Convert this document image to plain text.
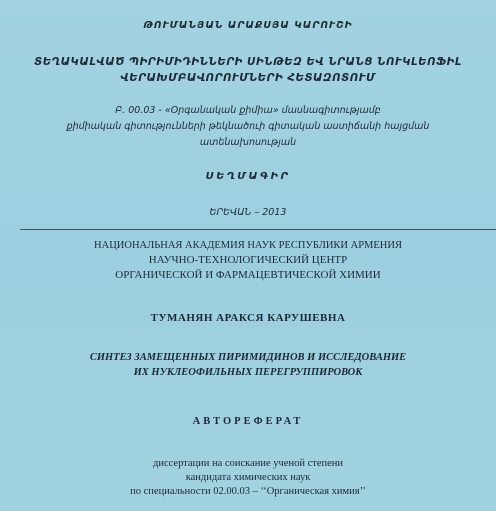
ԹՈՒՄԱՆՅԱՆ ԱՐԱՔՍՅԱ ԿԱՐՈՒՇԻ

ՏԵՂԱԿԱԼՎԱԾ ՊԻՐԻՄԻԴԻՆՆԵՐԻ ՍԻՆԹԵԶ ԵՎ ՆՐԱՆՑ ՆՈՒԿԼԵՈՖԻԼ

ՎԵՐԱԽՄԲԱՎՈՐՈՒՄՆԵՐԻ ՀԵՏԱԶՈՏՈՒՄ

Բ. 00.03 - «Օրգանական քիմիա» մասնագիտությամբ

քիմիական գիտությունների թեկնածուի գիտական աստիճանի հայցման

ատենախոսության

ՍԵՂՄԱԳԻՐ

ԵՐԵՎԱՆ – 2013

НАЦИОНАЛЬНАЯ АКАДЕМИЯ НАУК РЕСПУБЛИКИ АРМЕНИЯ

НАУЧНО-ТЕХНОЛОГИЧЕСКИЙ ЦЕНТР

ОРГАНИЧЕСКОЙ И ФАРМАЦЕВТИЧЕСКОЙ ХИМИИ

ТУМАНЯН АРАКСЯ КАРУШЕВНА

СИНТЕЗ ЗАМЕЩЕННЫХ ПИРИМИДИНОВ И ИССЛЕДОВАНИЕ

ИХ НУКЛЕОФИЛЬНЫХ ПЕРЕГРУППИРОВОК

АВТОРЕФЕРАТ

диссертации на соискание ученой степени

кандидата химических наук

по специальности 02.00.03 – ‘‘Органическая химия’’
